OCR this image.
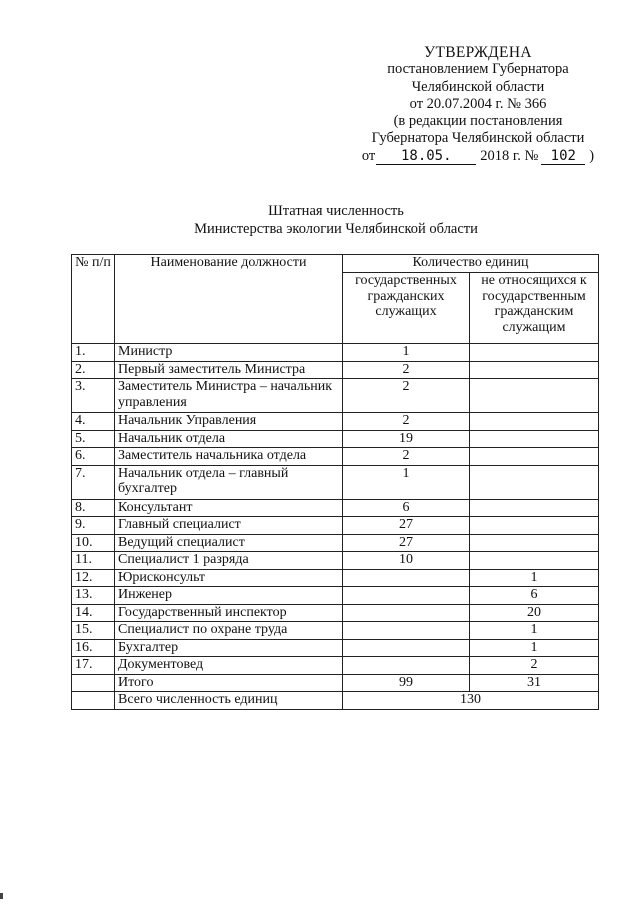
УТВЕРЖДЕНА
постановлением Губернатора
Челябинской области
от 20.07.2004 г. № 366
(в редакции постановления
Губернатора Челябинской области
от	18.05.	2018 г. № 102 )
Штатная численность
Министерства экологии Челябинской области
№ п/п	Наименование должности	Количество единиц	
		государственных гражданских служащих	не относящихся к государственным гражданским служащим
1.	Министр	1	
2.	Первый заместитель Министра	2	
3.	Заместитель Министра – начальник управления	2	
4.	Начальник Управления	2	
5.	Начальник отдела	19	
6.	Заместитель начальника отдела	2	
7.	Начальник отдела – главный бухгалтер	1	
8.	Консультант	6	
9.	Главный специалист	27	
10.	Ведущий специалист	27	
11.	Специалист 1 разряда	10	
12.	Юрисконсульт		1
13.	Инженер		6
14.	Государственный инспектор		20
15.	Специалист по охране труда		1
16.	Бухгалтер		1
17.	Документовед		2
	Итого	99	31
	Всего численность единиц	130	
